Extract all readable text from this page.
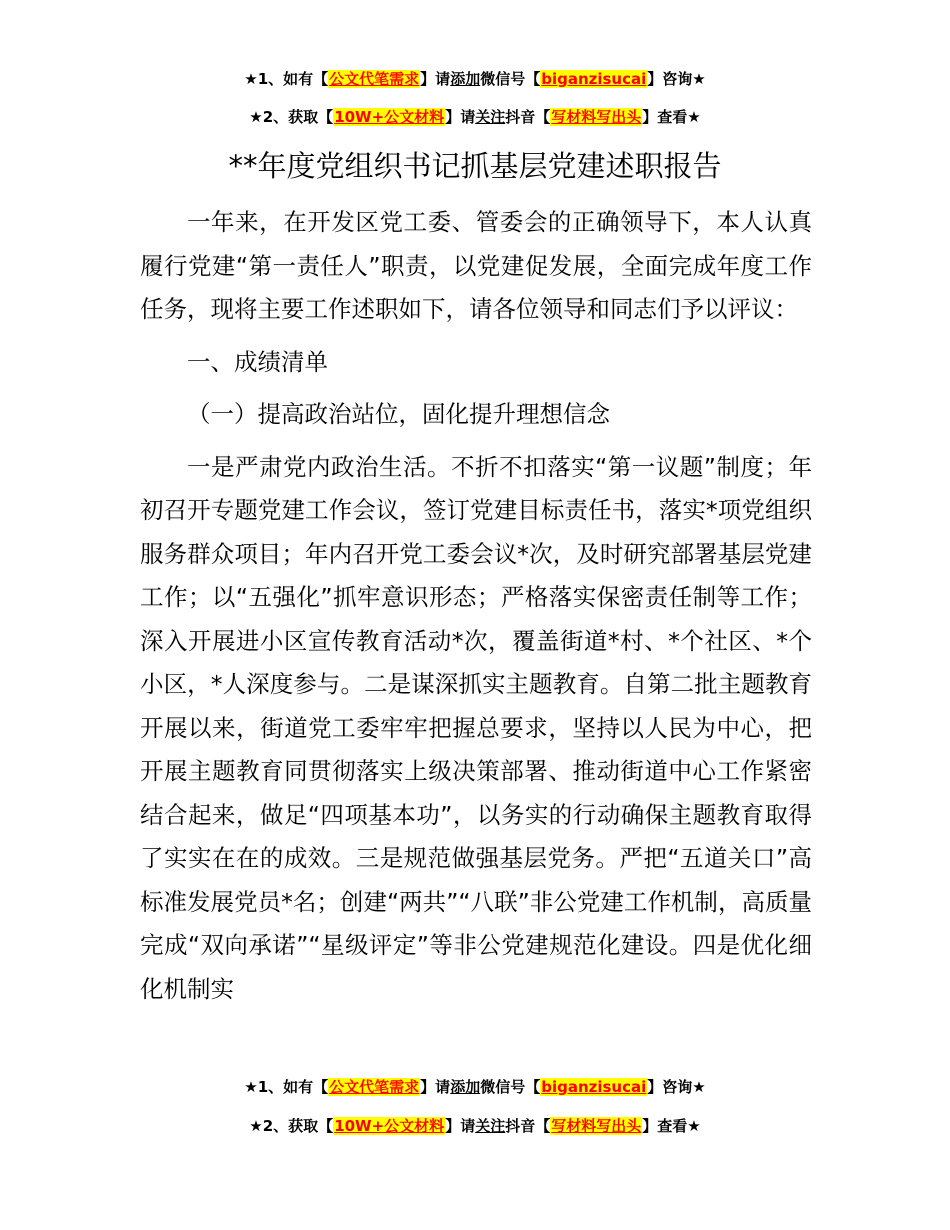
★1、如有【公文代笔需求】请添加微信号【biganzisucai】咨询★
★2、获取【10W+公文材料】请关注抖音【写材料写出头】查看★
**年度党组织书记抓基层党建述职报告

一年来，在开发区党工委、管委会的正确领导下，本人认真履行党建“第一责任人”职责，以党建促发展，全面完成年度工作任务，现将主要工作述职如下，请各位领导和同志们予以评议：

一、成绩清单

（一）提高政治站位，固化提升理想信念

一是严肃党内政治生活。不折不扣落实“第一议题”制度；年初召开专题党建工作会议，签订党建目标责任书，落实*项党组织服务群众项目；年内召开党工委会议*次，及时研究部署基层党建工作；以“五强化”抓牢意识形态；严格落实保密责任制等工作；深入开展进小区宣传教育活动*次，覆盖街道*村、*个社区、*个小区，*人深度参与。二是谋深抓实主题教育。自第二批主题教育开展以来，街道党工委牢牢把握总要求，坚持以人民为中心，把开展主题教育同贯彻落实上级决策部署、推动街道中心工作紧密结合起来，做足“四项基本功”，以务实的行动确保主题教育取得了实实在在的成效。三是规范做强基层党务。严把“五道关口”高标准发展党员*名；创建“两共”“八联”非公党建工作机制，高质量完成“双向承诺”“星级评定”等非公党建规范化建设。四是优化细化机制实

★1、如有【公文代笔需求】请添加微信号【biganzisucai】咨询★
★2、获取【10W+公文材料】请关注抖音【写材料写出头】查看★
